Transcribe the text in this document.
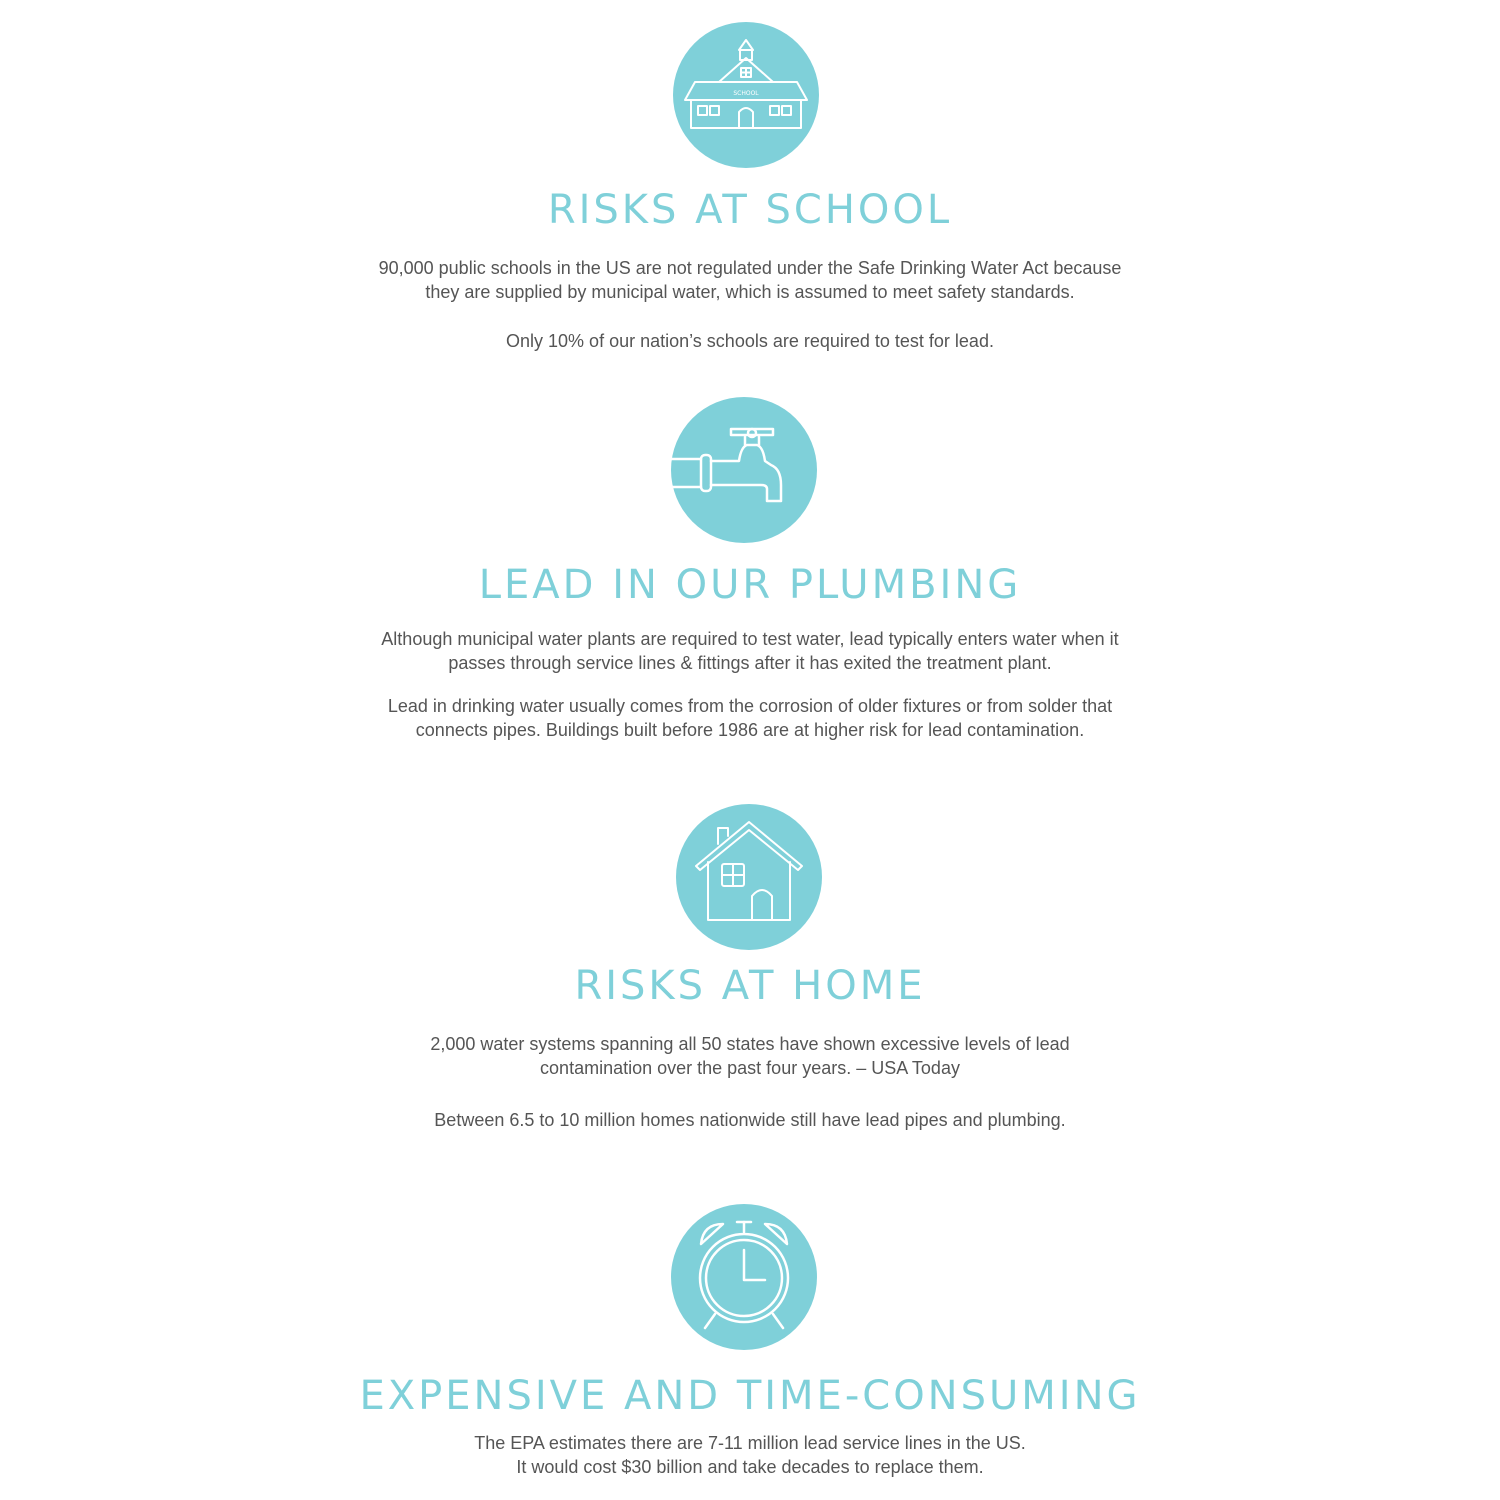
SCHOOL
RISKS AT SCHOOL

90,000 public schools in the US are not regulated under the Safe Drinking Water Act because they are supplied by municipal water, which is assumed to meet safety standards.

Only 10% of our nation’s schools are required to test for lead.

LEAD IN OUR PLUMBING

Although municipal water plants are required to test water, lead typically enters water when it passes through service lines & fittings after it has exited the treatment plant.

Lead in drinking water usually comes from the corrosion of older fixtures or from solder that connects pipes. Buildings built before 1986 are at higher risk for lead contamination.

RISKS AT HOME

2,000 water systems spanning all 50 states have shown excessive levels of lead contamination over the past four years. – USA Today

Between 6.5 to 10 million homes nationwide still have lead pipes and plumbing.

EXPENSIVE AND TIME-CONSUMING

The EPA estimates there are 7-11 million lead service lines in the US. It would cost $30 billion and take decades to replace them.
